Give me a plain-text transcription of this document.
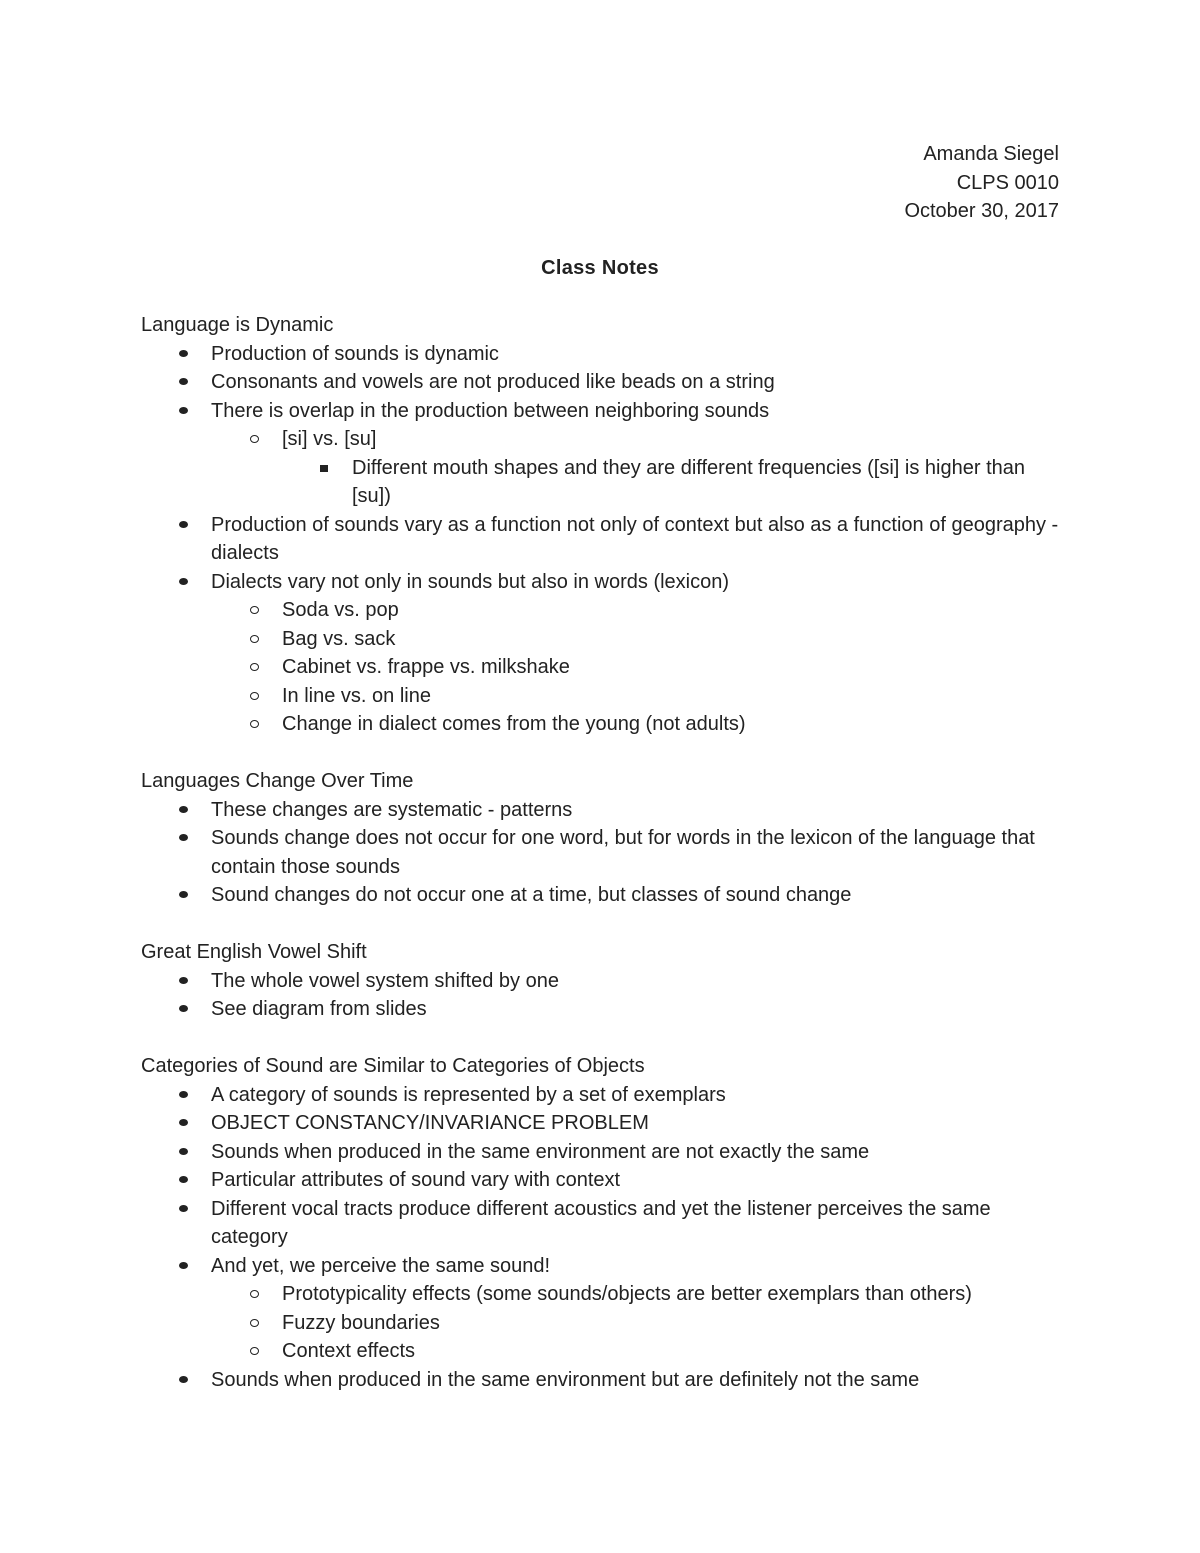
Amanda Siegel
CLPS 0010
October 30, 2017
Class Notes
Language is Dynamic
Production of sounds is dynamic
Consonants and vowels are not produced like beads on a string
There is overlap in the production between neighboring sounds
[si] vs. [su]
Different mouth shapes and they are different frequencies ([si] is higher than [su])
Production of sounds vary as a function not only of context but also as a function of geography - dialects
Dialects vary not only in sounds but also in words (lexicon)
Soda vs. pop
Bag vs. sack
Cabinet vs. frappe vs. milkshake
In line vs. on line
Change in dialect comes from the young (not adults)
Languages Change Over Time
These changes are systematic - patterns
Sounds change does not occur for one word, but for words in the lexicon of the language that contain those sounds
Sound changes do not occur one at a time, but classes of sound change
Great English Vowel Shift
The whole vowel system shifted by one
See diagram from slides
Categories of Sound are Similar to Categories of Objects
A category of sounds is represented by a set of exemplars
OBJECT CONSTANCY/INVARIANCE PROBLEM
Sounds when produced in the same environment are not exactly the same
Particular attributes of sound vary with context
Different vocal tracts produce different acoustics and yet the listener perceives the same category
And yet, we perceive the same sound!
Prototypicality effects (some sounds/objects are better exemplars than others)
Fuzzy boundaries
Context effects
Sounds when produced in the same environment but are definitely not the same
